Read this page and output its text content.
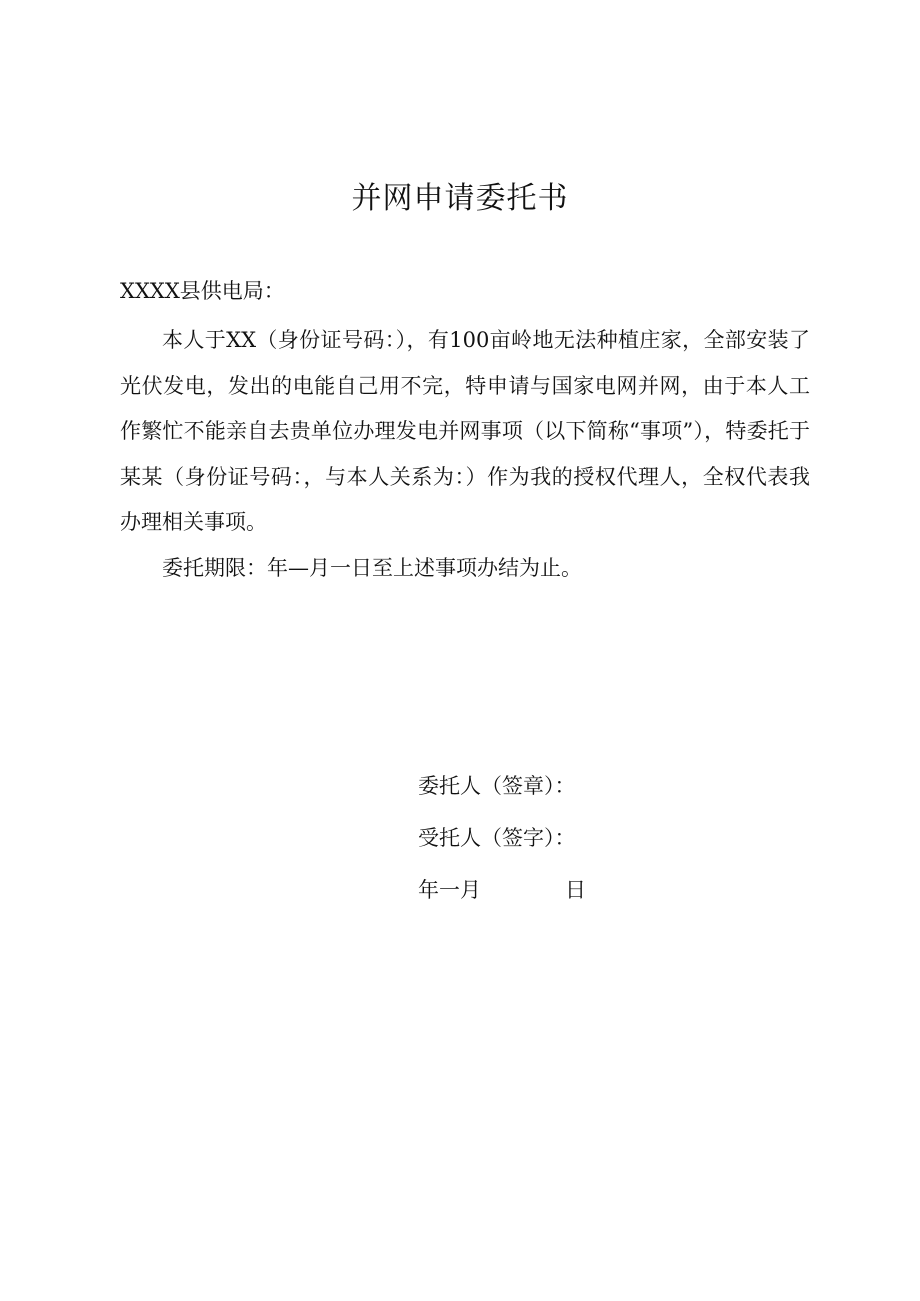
并网申请委托书
XXXX县供电局：

本人于XX（身份证号码：），有100亩岭地无法种植庄家，全部安装了光伏发电，发出的电能自己用不完，特申请与国家电网并网，由于本人工作繁忙不能亲自去贵单位办理发电并网事项（以下简称“事项”），特委托于某某（身份证号码：，与本人关系为：）作为我的授权代理人，全权代表我办理相关事项。

委托期限：年—月一日至上述事项办结为止。

委托人（签章）：
受托人（签字）：
年一月	日
